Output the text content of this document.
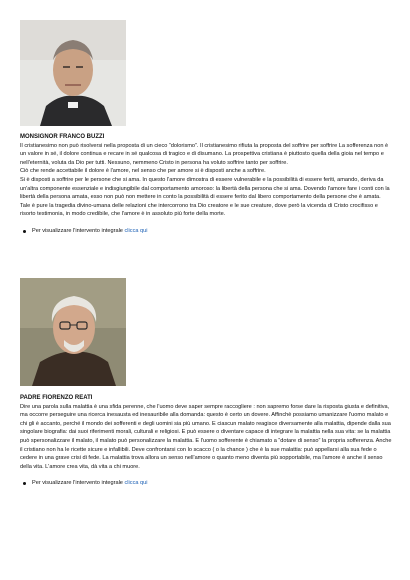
MONSIGNOR FRANCO BUZZI

Il cristianesimo non può risolversi nella proposta di un cieco “dolorismo”. Il cristianesimo rifiuta la proposta del soffrire per soffrire La sofferenza non è un valore in sé, il dolore continua e recare in sé qualcosa di tragico e di disumano. La prospettiva cristiana è piuttosto quella della gioia nel tempo e nell'eternità, voluta da Dio per tutti. Nessuno, nemmeno Cristo in persona ha voluto soffrire tanto per soffrire.

Ciò che rende accettabile il dolore è l'amore, nel senso che per amore si è disposti anche a soffrire.

Si è disposti a soffrire per le persone che si ama. In questo l'amore dimostra di essere vulnerabile e la possibilità di essere feriti, amando, deriva da un'altra componente essenziale e indisgiungibile dal comportamento amoroso: la libertà della persona che si ama. Dovendo l'amore fare i conti con la libertà della persona amata, esso non può non mettere in conto la possibilità di essere ferito dal libero comportamento della persone che è amata.

Tale è pure la tragedia divino-umana delle relazioni che intercorrono tra Dio creatore e le sue creature, dove però la vicenda di Cristo crocifisso e risorto testimonia, in modo credibile, che l'amore è in assoluto più forte della morte.

Per visualizzare l'intervento integrale clicca qui
PADRE FIORENZO REATI

Dire una parola sulla malattia è una sfida perenne, che l'uomo deve saper sempre raccogliere : non sapremo forse dare la risposta giusta e definitiva, ma occorre perseguire una ricerca inesausta ed inesauribile alla domanda: questo è certo un dovere. Affinchè possiamo umanizzare l'uomo malato e chi gli è accanto, perché il mondo dei sofferenti e degli uomini sia più umano. E ciascun malato reagisce diversamente alla malattia, dipende dalla sua singolare biografia: dai suoi riferimenti morali, culturali e religiosi. E può essere o diventare capace di integrare la malattia nella sua vita: se la malattia può spersonalizzare il malato, il malato può personalizzare la malattia. E l'uomo sofferente è chiamato a “dotare di senso” la propria sofferenza. Anche il cristiano non ha le ricette sicure e infallibili. Deve confrontarsi con lo scacco ( o la chance ) che è la sue malattia: può appellarsi alla sua fede o cedere in una grave crisi di fede. La malattia trova allora un senso nell'amore o quanto meno diventa più sopportabile, ma l'amore è anche il senso della vita. L'amore crea vita, dà vita a chi muore.

Per visualizzare l'intervento integrale clicca qui
